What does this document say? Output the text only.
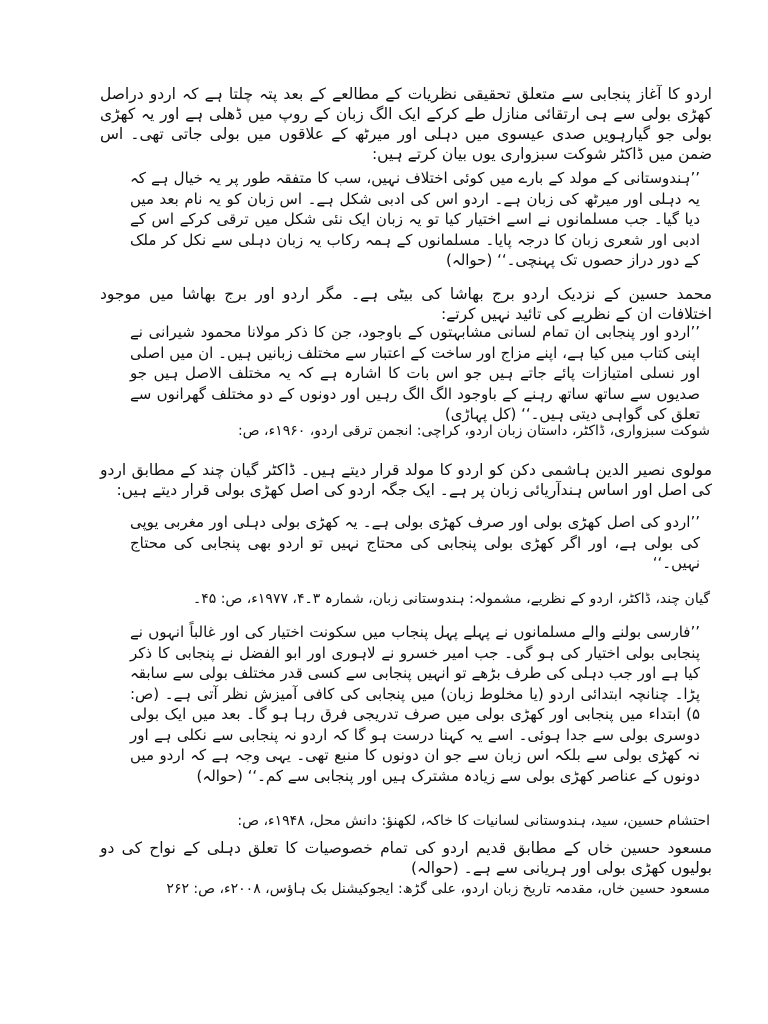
اردو کا آغاز پنجابی سے متعلق تحقیقی نظریات کے مطالعے کے بعد پتہ چلتا ہے کہ اردو دراصل کھڑی بولی سے ہی ارتقائی منازل طے کرکے ایک الگ زبان کے روپ میں ڈھلی ہے اور یہ کھڑی بولی جو گیارہویں صدی عیسوی میں دہلی اور میرٹھ کے علاقوں میں بولی جاتی تھی۔ اس ضمن میں ڈاکٹر شوکت سبزواری یوں بیان کرتے ہیں:
’’ہندوستانی کے مولد کے بارے میں کوئی اختلاف نہیں، سب کا متفقہ طور پر یہ خیال ہے کہ یہ دہلی اور میرٹھ کی زبان ہے۔ اردو اس کی ادبی شکل ہے۔ اس زبان کو یہ نام بعد میں دیا گیا۔ جب مسلمانوں نے اسے اختیار کیا تو یہ زبان ایک نئی شکل میں ترقی کرکے اس کے ادبی اور شعری زبان کا درجہ پایا۔ مسلمانوں کے ہمہ رکاب یہ زبان دہلی سے نکل کر ملک کے دور دراز حصوں تک پہنچی۔‘‘ (حوالہ)
محمد حسین کے نزدیک اردو برج بھاشا کی بیٹی ہے۔ مگر اردو اور برج بھاشا میں موجود اختلافات ان کے نظریے کی تائید نہیں کرتے:
’’اردو اور پنجابی ان تمام لسانی مشابہتوں کے باوجود، جن کا ذکر مولانا محمود شیرانی نے اپنی کتاب میں کیا ہے، اپنے مزاج اور ساخت کے اعتبار سے مختلف زبانیں ہیں۔ ان میں اصلی اور نسلی امتیازات پائے جاتے ہیں جو اس بات کا اشارہ ہے کہ یہ مختلف الاصل ہیں جو صدیوں سے ساتھ ساتھ رہنے کے باوجود الگ الگ رہیں اور دونوں کے دو مختلف گھرانوں سے تعلق کی گواہی دیتی ہیں۔‘‘ (کل پہاڑی)
شوکت سبزواری، ڈاکٹر، داستان زبان اردو، کراچی: انجمن ترقی اردو، ۱۹۶۰ء، ص:
مولوی نصیر الدین ہاشمی دکن کو اردو کا مولد قرار دیتے ہیں۔ ڈاکٹر گیان چند کے مطابق اردو کی اصل اور اساس ہندآریائی زبان پر ہے۔ ایک جگہ اردو کی اصل کھڑی بولی قرار دیتے ہیں:
’’اردو کی اصل کھڑی بولی اور صرف کھڑی بولی ہے۔ یہ کھڑی بولی دہلی اور مغربی یوپی کی بولی ہے، اور اگر کھڑی بولی پنجابی کی محتاج نہیں تو اردو بھی پنجابی کی محتاج نہیں۔‘‘
گیان چند، ڈاکٹر، اردو کے نظریے، مشمولہ: ہندوستانی زبان، شمارہ ۳۔۴، ۱۹۷۷ء، ص: ۴۵۔
’’فارسی بولنے والے مسلمانوں نے پہلے پہل پنجاب میں سکونت اختیار کی اور غالباً انہوں نے پنجابی بولی اختیار کی ہو گی۔ جب امیر خسرو نے لاہوری اور ابو الفضل نے پنجابی کا ذکر کیا ہے اور جب دہلی کی طرف بڑھے تو انہیں پنجابی سے کسی قدر مختلف بولی سے سابقہ پڑا۔ چنانچہ ابتدائی اردو (یا مخلوط زبان) میں پنجابی کی کافی آمیزش نظر آتی ہے۔ (ص: ۵) ابتداء میں پنجابی اور کھڑی بولی میں صرف تدریجی فرق رہا ہو گا۔ بعد میں ایک بولی دوسری بولی سے جدا ہوئی۔ اسے یہ کہنا درست ہو گا کہ اردو نہ پنجابی سے نکلی ہے اور نہ کھڑی بولی سے بلکہ اس زبان سے جو ان دونوں کا منبع تھی۔ یہی وجہ ہے کہ اردو میں دونوں کے عناصر کھڑی بولی سے زیادہ مشترک ہیں اور پنجابی سے کم۔‘‘ (حوالہ)
احتشام حسین، سید، ہندوستانی لسانیات کا خاکہ، لکھنؤ: دانش محل، ۱۹۴۸ء، ص:
مسعود حسین خاں کے مطابق قدیم اردو کی تمام خصوصیات کا تعلق دہلی کے نواح کی دو بولیوں کھڑی بولی اور ہریانی سے ہے۔ (حوالہ)
مسعود حسین خاں، مقدمہ تاریخ زبان اردو، علی گڑھ: ایجوکیشنل بک ہاؤس، ۲۰۰۸ء، ص: ۲۶۲
